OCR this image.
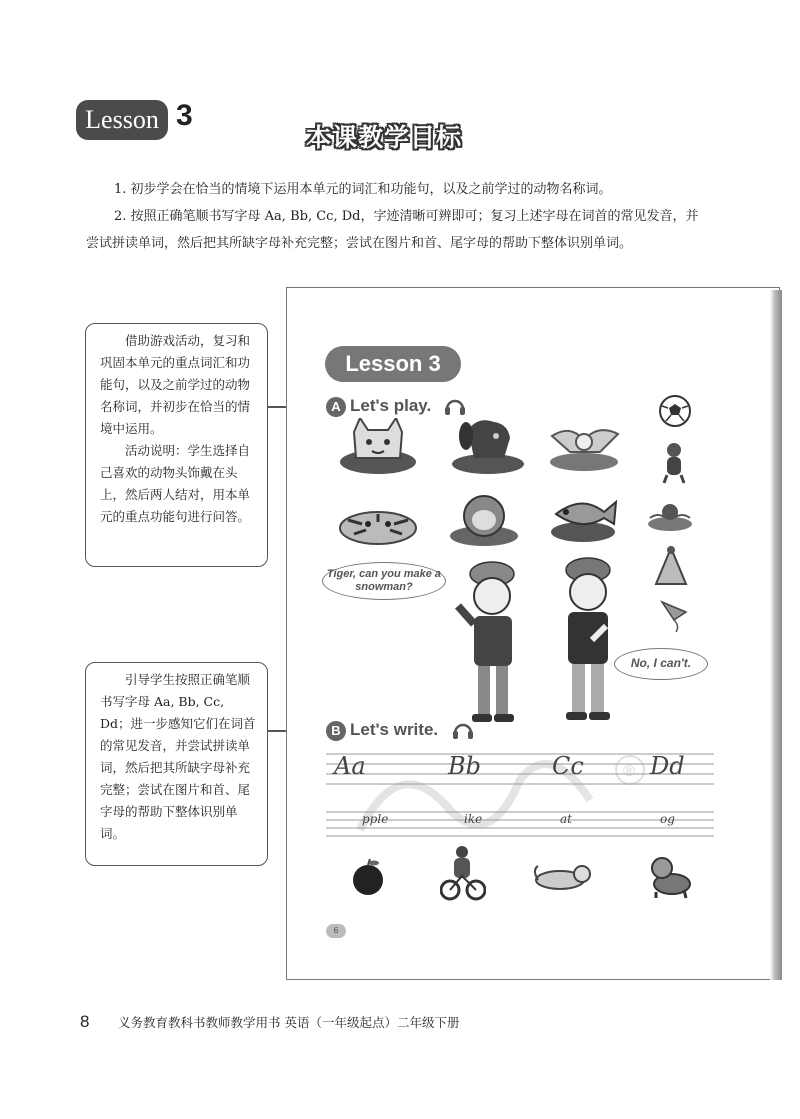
Lesson 3
本课教学目标
1. 初步学会在恰当的情境下运用本单元的词汇和功能句，以及之前学过的动物名称词。
2. 按照正确笔顺书写字母 Aa, Bb, Cc, Dd，字迹清晰可辨即可；复习上述字母在词首的常见发音，并尝试拼读单词，然后把其所缺字母补充完整；尝试在图片和首、尾字母的帮助下整体识别单词。

借助游戏活动，复习和巩固本单元的重点词汇和功能句，以及之前学过的动物名称词，并初步在恰当的情境中运用。

活动说明：学生选择自己喜欢的动物头饰戴在头上，然后两人结对，用本单元的重点功能句进行问答。

引导学生按照正确笔顺书写字母 Aa, Bb, Cc, Dd；进一步感知它们在词首的常见发音，并尝试拼读单词，然后把其所缺字母补充完整；尝试在图片和首、尾字母的帮助下整体识别单词。

Lesson 3
A Let's play.
Tiger, can you make a snowman?
No, I can't.
B Let's write.
®
Aa	Bb	Cc	Dd
pple	ike	at	og
6
8 义务教育教科书教师教学用书 英语（一年级起点）二年级下册
